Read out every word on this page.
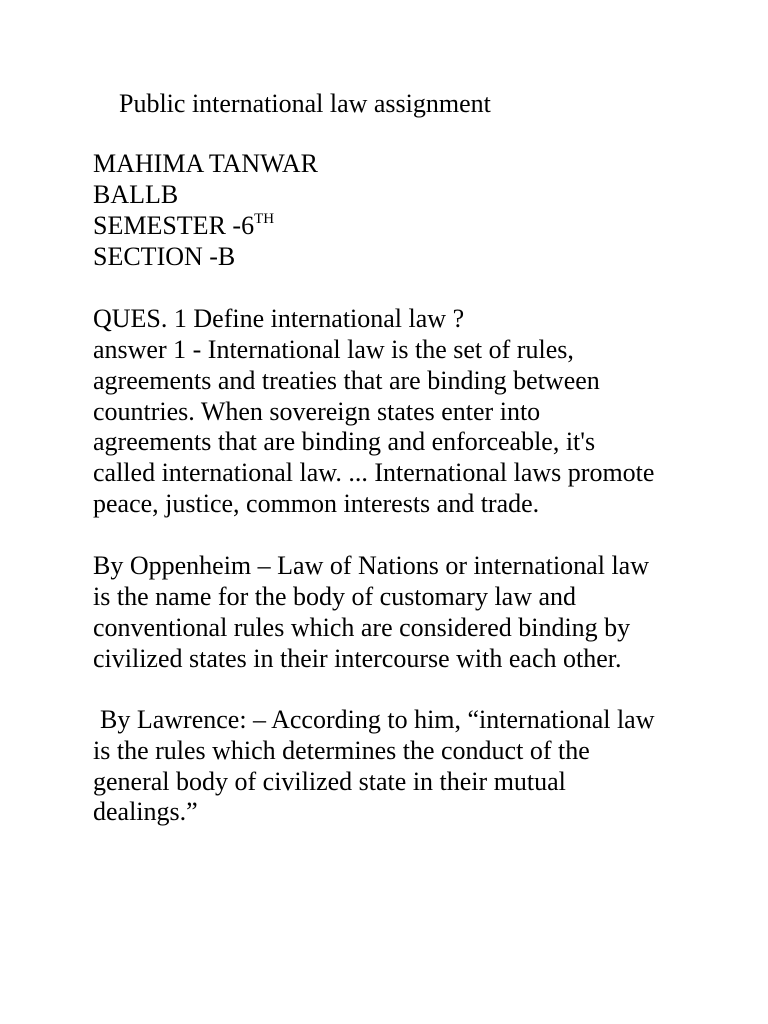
Public international law assignment
MAHIMA TANWAR
BALLB
SEMESTER -6TH
SECTION -B
QUES. 1 Define international law ?
answer 1 - International law is the set of rules,
agreements and treaties that are binding between
countries. When sovereign states enter into
agreements that are binding and enforceable, it's
called international law. ... International laws promote
peace, justice, common interests and trade.
By Oppenheim – Law of Nations or international law
is the name for the body of customary law and
conventional rules which are considered binding by
civilized states in their intercourse with each other.
By Lawrence: – According to him, “international law
is the rules which determines the conduct of the
general body of civilized state in their mutual
dealings.”
